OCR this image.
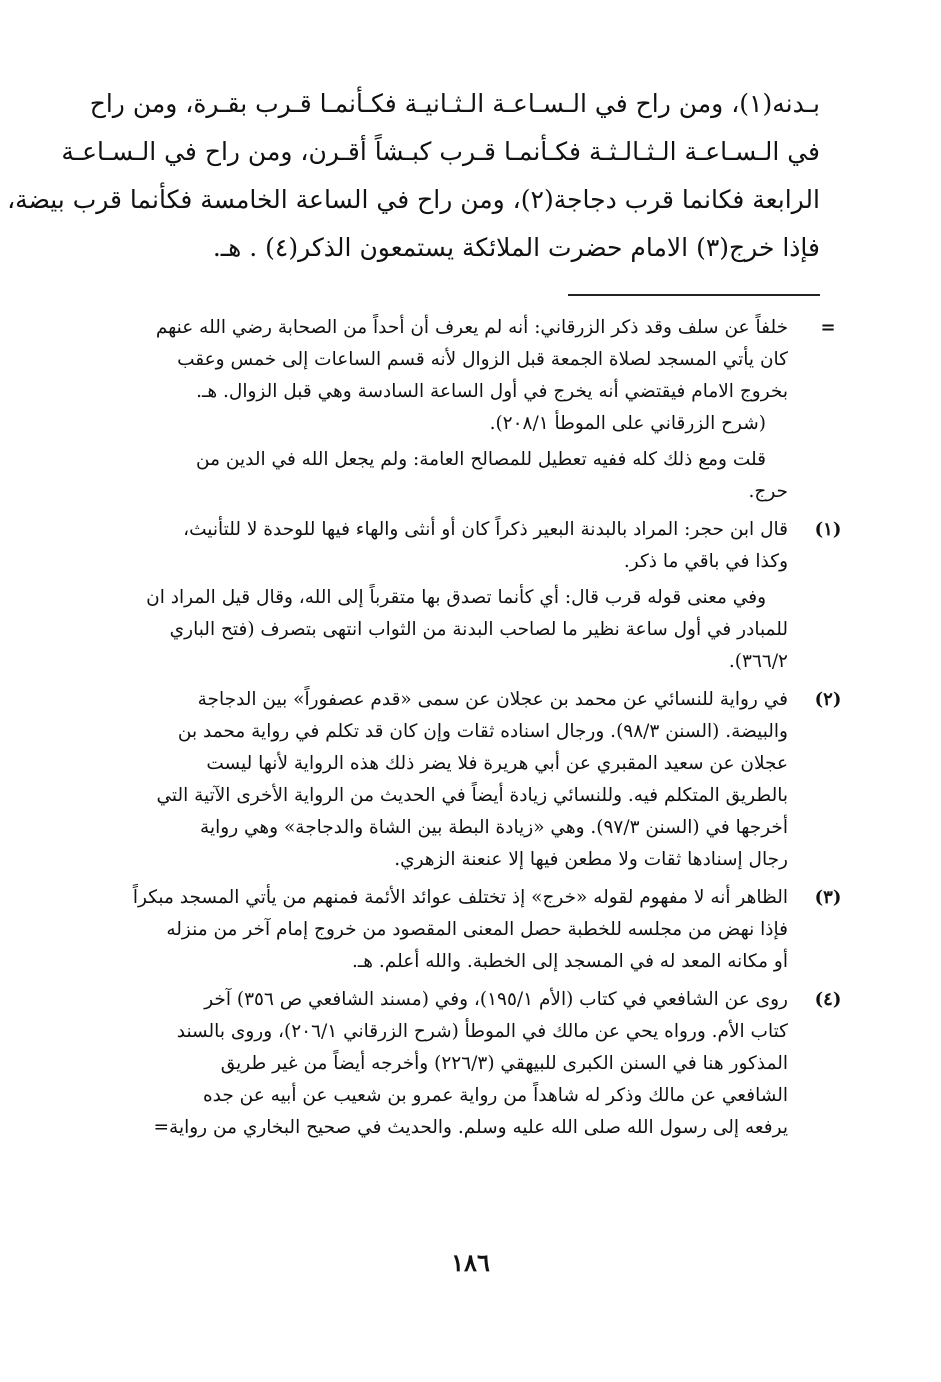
بـدنه(١)، ومن راح في الـسـاعـة الـثـانيـة فكـأنمـا قـرب بقـرة، ومن راح
في الـسـاعـة الـثـالـثـة فكـأنمـا قـرب كبـشاً أقـرن، ومن راح في الـسـاعـة
الرابعة فكانما قرب دجاجة(٢)، ومن راح في الساعة الخامسة فكأنما قرب بيضة،
فإذا خرج(٣) الامام حضرت الملائكة يستمعون الذكر(٤) . هـ.
=
خلفاً عن سلف وقد ذكر الزرقاني: أنه لم يعرف أن أحداً من الصحابة رضي الله عنهم
كان يأتي المسجد لصلاة الجمعة قبل الزوال لأنه قسم الساعات إلى خمس وعقب
بخروج الامام فيقتضي أنه يخرج في أول الساعة السادسة وهي قبل الزوال. هـ.
(شرح الزرقاني على الموطأ ٢٠٨/١).
قلت ومع ذلك كله ففيه تعطيل للمصالح العامة: ولم يجعل الله في الدين من
حرج.
(١)
قال ابن حجر: المراد بالبدنة البعير ذكراً كان أو أنثى والهاء فيها للوحدة لا للتأنيث،
وكذا في باقي ما ذكر.
وفي معنى قوله قرب قال: أي كأنما تصدق بها متقرباً إلى الله، وقال قيل المراد ان
للمبادر في أول ساعة نظير ما لصاحب البدنة من الثواب انتهى بتصرف (فتح الباري
٣٦٦/٢).
(٢)
في رواية للنسائي عن محمد بن عجلان عن سمى «قدم عصفوراً» بين الدجاجة
والبيضة. (السنن ٩٨/٣). ورجال اسناده ثقات وإن كان قد تكلم في رواية محمد بن
عجلان عن سعيد المقبري عن أبي هريرة فلا يضر ذلك هذه الرواية لأنها ليست
بالطريق المتكلم فيه. وللنسائي زيادة أيضاً في الحديث من الرواية الأخرى الآتية التي
أخرجها في (السنن ٩٧/٣). وهي «زيادة البطة بين الشاة والدجاجة» وهي رواية
رجال إسنادها ثقات ولا مطعن فيها إلا عنعنة الزهري.
(٣)
الظاهر أنه لا مفهوم لقوله «خرج» إذ تختلف عوائد الأئمة فمنهم من يأتي المسجد مبكراً
فإذا نهض من مجلسه للخطبة حصل المعنى المقصود من خروج إمام آخر من منزله
أو مكانه المعد له في المسجد إلى الخطبة. والله أعلم. هـ.
(٤)
روى عن الشافعي في كتاب (الأم ١٩٥/١)، وفي (مسند الشافعي ص ٣٥٦) آخر
كتاب الأم. ورواه يحي عن مالك في الموطأ (شرح الزرقاني ٢٠٦/١)، وروى بالسند
المذكور هنا في السنن الكبرى للبيهقي (٢٢٦/٣) وأخرجه أيضاً من غير طريق
الشافعي عن مالك وذكر له شاهداً من رواية عمرو بن شعيب عن أبيه عن جده
يرفعه إلى رسول الله صلى الله عليه وسلم. والحديث في صحيح البخاري من رواية=
١٨٦
